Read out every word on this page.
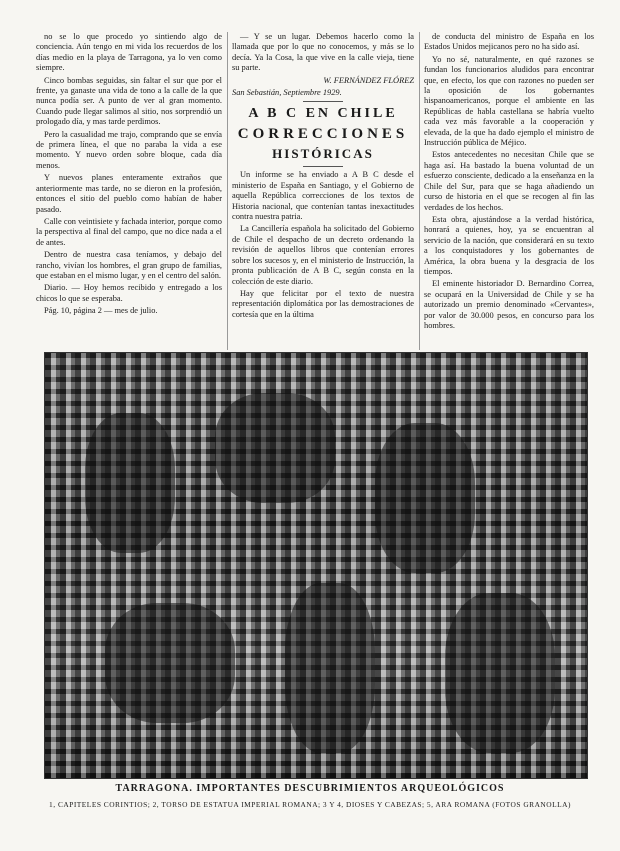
no se lo que procedo yo sintiendo algo de conciencia. Aún tengo en mi vida los recuerdos de los días medio en la playa de Tarragona, ya lo ven como siempre.

Cinco bombas seguidas, sin faltar el sur que por el frente, ya ganaste una vida de tono a la calle de la que nunca podía ser. A punto de ver al gran momento. Cuando pude llegar salimos al sitio, nos sorprendió un prologado día, y mas tarde perdimos.

Pero la casualidad me trajo, comprando que se envía de primera línea, el que no paraba la vida a ese momento. Y nuevo orden sobre bloque, cada día menos.

Y nuevos planes enteramente extraños que anteriormente mas tarde, no se dieron en la profesión, entonces el sitio del pueblo como habían de haber pasado.

Calle con veintisiete y fachada interior, porque como la perspectiva al final del campo, que no dice nada a el de antes.

Dentro de nuestra casa teníamos, y debajo del rancho, vivían los hombres, el gran grupo de familias, que estaban en el mismo lugar, y en el centro del salón.

Diario. — Hoy hemos recibido y entregado a los chicos lo que se esperaba.

Pág. 10, página 2 — mes de julio.

— Y se un lugar. Debemos hacerlo como la llamada que por lo que no conocemos, y más se lo decía. Ya la Cosa, la que vive en la calle vieja, tiene su parte.

W. FERNÁNDEZ FLÓREZ
San Sebastián, Septiembre 1929.
A B C EN CHILE
CORRECCIONES
HISTÓRICAS

Un informe se ha enviado a A B C desde el ministerio de España en Santiago, y el Gobierno de aquella República correcciones de los textos de Historia nacional, que contenían tantas inexactitudes contra nuestra patria.

La Cancillería española ha solicitado del Gobierno de Chile el despacho de un decreto ordenando la revisión de aquellos libros que contenían errores sobre los sucesos y, en el ministerio de Instrucción, la pronta publicación de A B C, según consta en la colección de este diario.

Hay que felicitar por el texto de nuestra representación diplomática por las demostraciones de cortesía que en la última

de conducta del ministro de España en los Estados Unidos mejicanos pero no ha sido así.

Yo no sé, naturalmente, en qué razones se fundan los funcionarios aludidos para encontrar que, en efecto, los que con razones no pueden ser la oposición de los gobernantes hispanoamericanos, porque el ambiente en las Repúblicas de habla castellana se habría vuelto cada vez más favorable a la cooperación y elevada, de la que ha dado ejemplo el ministro de Instrucción pública de Méjico.

Estos antecedentes no necesitan Chile que se haga así. Ha bastado la buena voluntad de un esfuerzo consciente, dedicado a la enseñanza en la Chile del Sur, para que se haga añadiendo un curso de historia en el que se recogen al fin las verdades de los hechos.

Esta obra, ajustándose a la verdad histórica, honrará a quienes, hoy, ya se encuentran al servicio de la nación, que considerará en su texto a los conquistadores y los gobernantes de América, la obra buena y la desgracia de los tiempos.

El eminente historiador D. Bernardino Correa, se ocupará en la Universidad de Chile y se ha autorizado un premio denominado «Cervantes», por valor de 30.000 pesos, en concurso para los hombres.

TARRAGONA. IMPORTANTES DESCUBRIMIENTOS ARQUEOLÓGICOS
1, CAPITELES CORINTIOS; 2, TORSO DE ESTATUA IMPERIAL ROMANA; 3 Y 4, DIOSES Y CABEZAS; 5, ARA ROMANA (FOTOS GRANOLLA)
